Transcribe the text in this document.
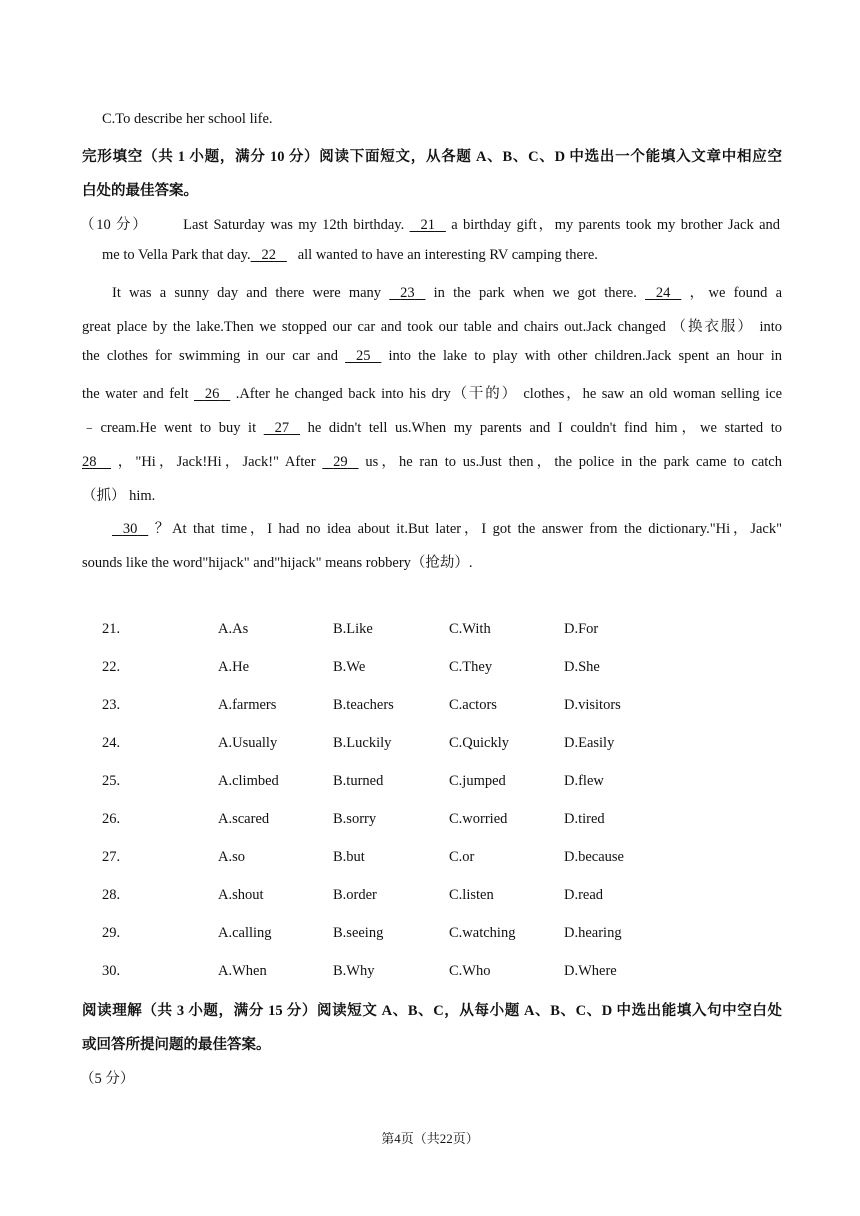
C.To describe her school life.
完形填空（共 1 小题，满分 10 分）阅读下面短文，从各题 A、B、C、D 中选出一个能填入文章中相应空
白处的最佳答案。
（10 分） Last Saturday was my 12th birthday. 21 a birthday gift，my parents took my brother Jack and
me to Vella Park that day. 22 all wanted to have an interesting RV camping there.
It was a sunny day and there were many 23 in the park when we got there. 24 ，we found a
great place by the lake.Then we stopped our car and took our table and chairs out.Jack changed （换衣服） into
the clothes for swimming in our car and 25 into the lake to play with other children.Jack spent an hour in
the water and felt 26 .After he changed back into his dry（干的） clothes，he saw an old woman selling ice
﹣cream.He went to buy it 27 he didn't tell us.When my parents and I couldn't find him，we started to
28 ，"Hi，Jack!Hi，Jack!" After 29 us，he ran to us.Just then，the police in the park came to catch
（抓） him.
30 ？At that time，I had no idea about it.But later，I got the answer from the dictionary."Hi，Jack"
sounds like the word"hijack" and"hijack" means robbery（抢劫）.
21.	A.As	B.Like	C.With	D.For
22.	A.He	B.We	C.They	D.She
23.	A.farmers	B.teachers	C.actors	D.visitors
24.	A.Usually	B.Luckily	C.Quickly	D.Easily
25.	A.climbed	B.turned	C.jumped	D.flew
26.	A.scared	B.sorry	C.worried	D.tired
27.	A.so	B.but	C.or	D.because
28.	A.shout	B.order	C.listen	D.read
29.	A.calling	B.seeing	C.watching	D.hearing
30.	A.When	B.Why	C.Who	D.Where
阅读理解（共 3 小题，满分 15 分）阅读短文 A、B、C，从每小题 A、B、C、D 中选出能填入句中空白处
或回答所提问题的最佳答案。
（5 分）
第4页（共22页）
